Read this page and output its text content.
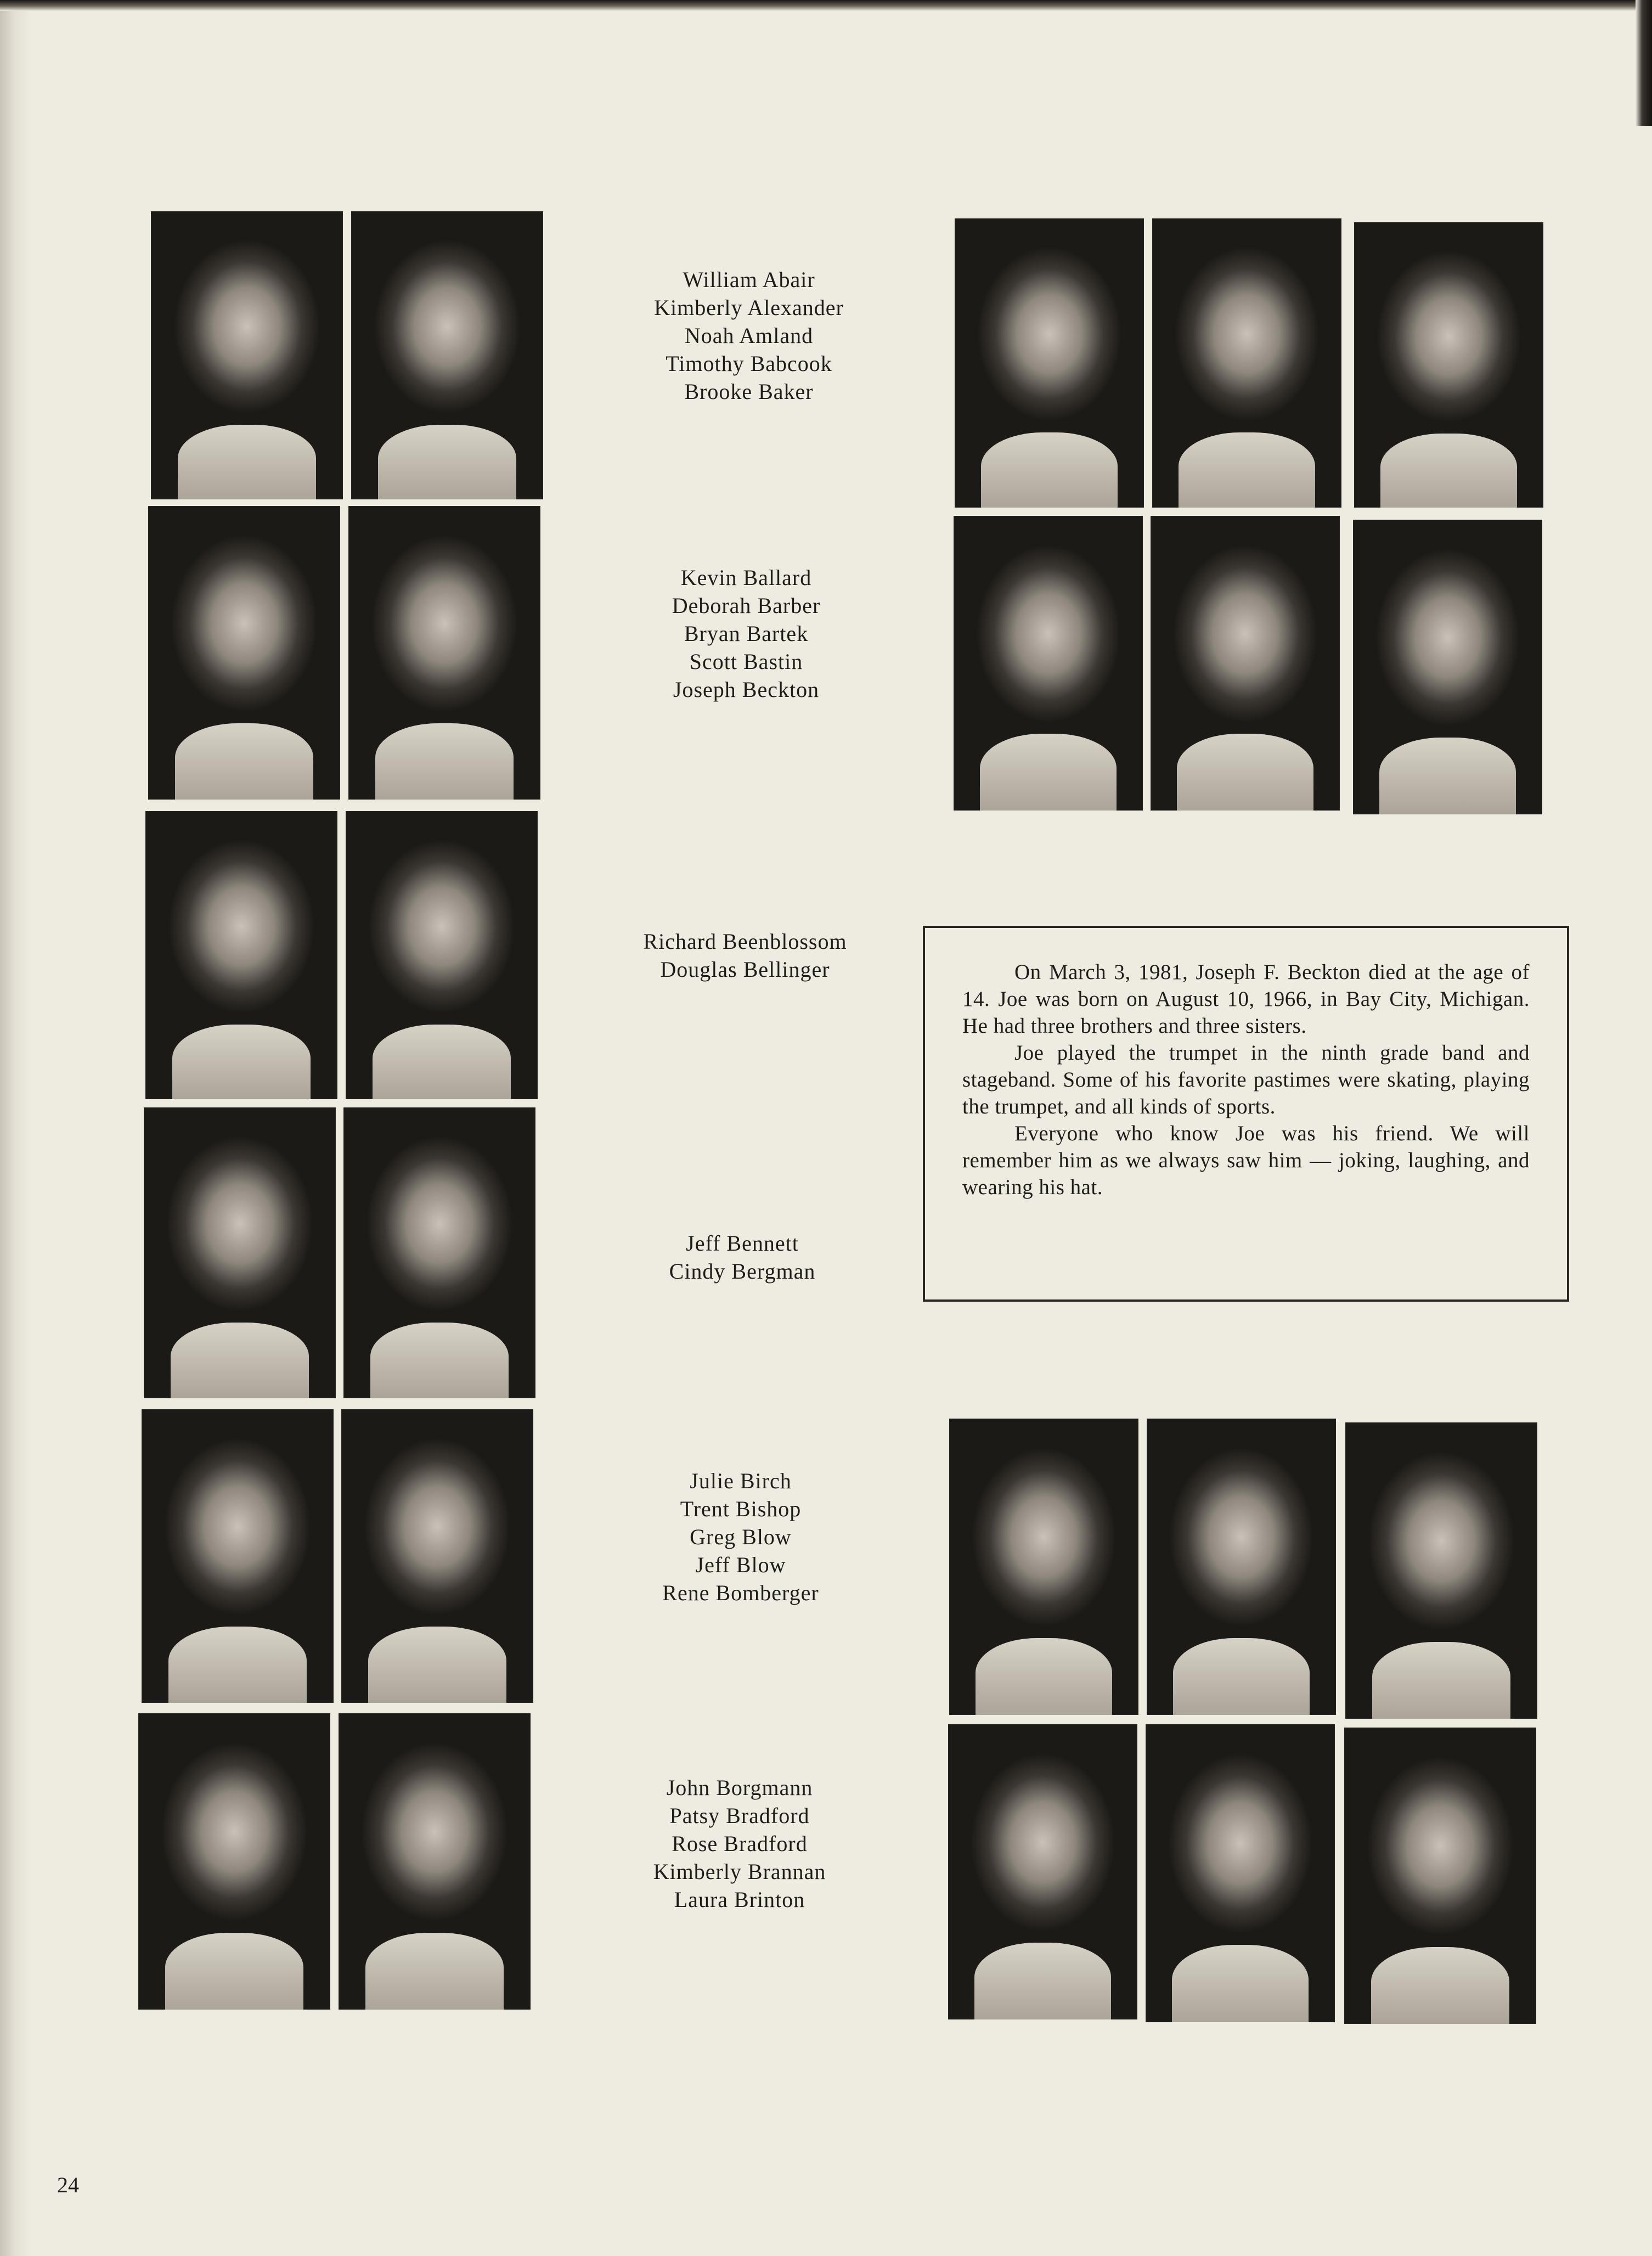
William Abair
Kimberly Alexander
Noah Amland
Timothy Babcook
Brooke Baker
Kevin Ballard
Deborah Barber
Bryan Bartek
Scott Bastin
Joseph Beckton
Richard Beenblossom
Douglas Bellinger
Jeff Bennett
Cindy Bergman
Julie Birch
Trent Bishop
Greg Blow
Jeff Blow
Rene Bomberger
John Borgmann
Patsy Bradford
Rose Bradford
Kimberly Brannan
Laura Brinton

On March 3, 1981, Joseph F. Beckton died at the age of 14. Joe was born on August 10, 1966, in Bay City, Michigan. He had three brothers and three sisters.

Joe played the trumpet in the ninth grade band and stageband. Some of his favorite pastimes were skating, playing the trumpet, and all kinds of sports.

Everyone who know Joe was his friend. We will remember him as we always saw him — joking, laughing, and wearing his hat.

24
